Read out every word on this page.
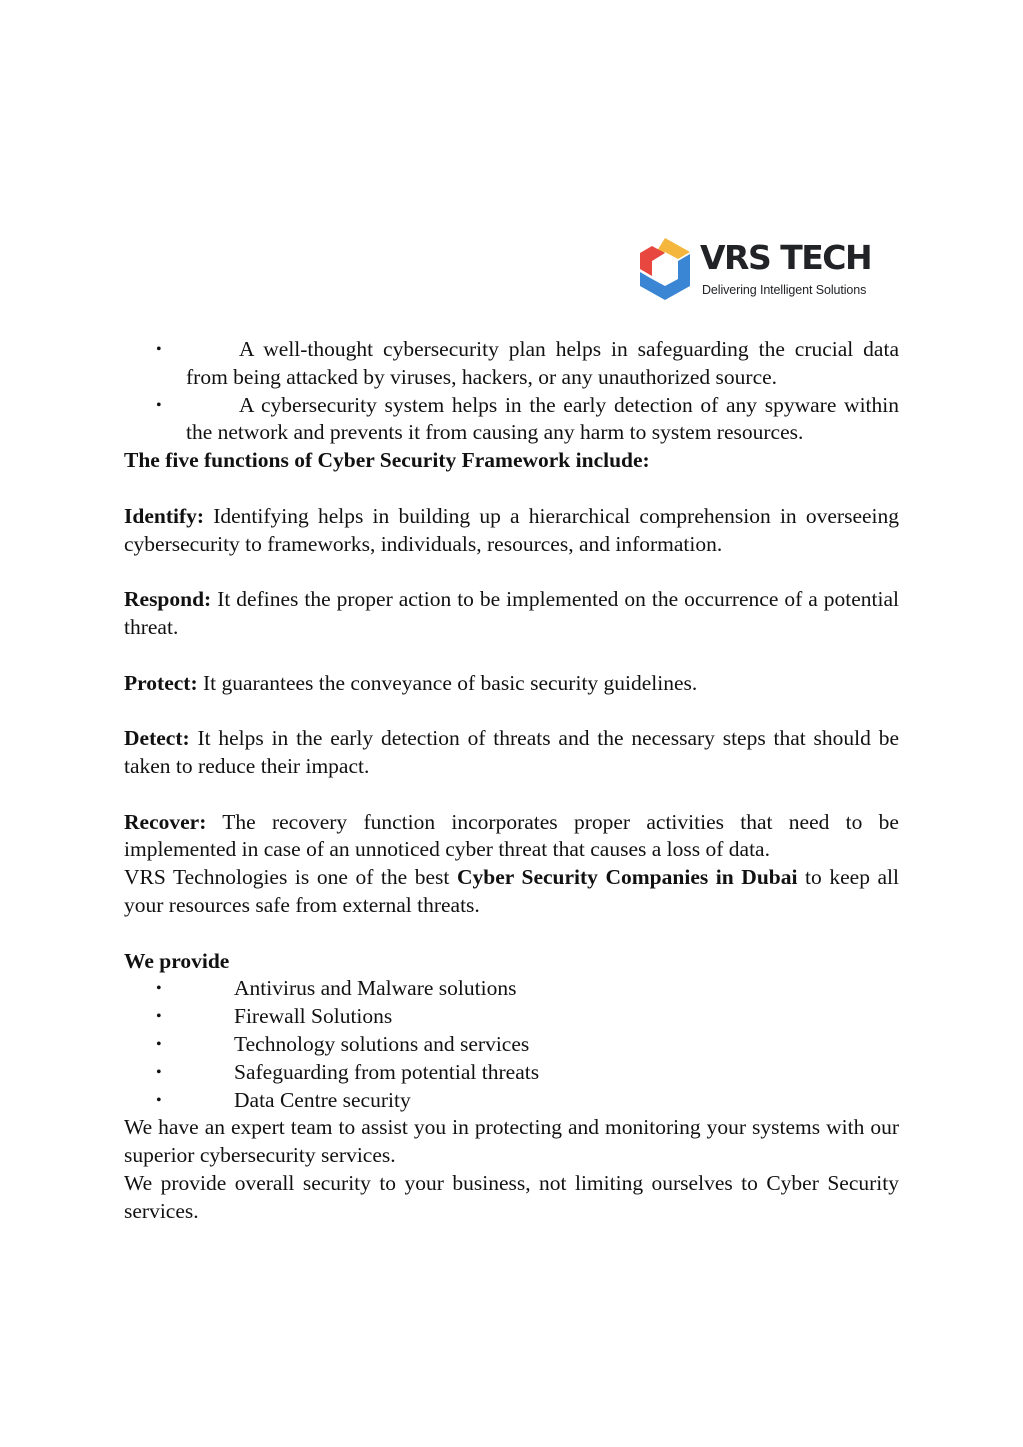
VRS TECH
Delivering Intelligent Solutions
•	A well-thought cybersecurity plan helps in safeguarding the crucial data from being attacked by viruses, hackers, or any unauthorized source.
•	A cybersecurity system helps in the early detection of any spyware within the network and prevents it from causing any harm to system resources.

The five functions of Cyber Security Framework include:

Identify: Identifying helps in building up a hierarchical comprehension in overseeing cybersecurity to frameworks, individuals, resources, and information.

Respond: It defines the proper action to be implemented on the occurrence of a potential threat.

Protect: It guarantees the conveyance of basic security guidelines.

Detect: It helps in the early detection of threats and the necessary steps that should be taken to reduce their impact.

Recover: The recovery function incorporates proper activities that need to be implemented in case of an unnoticed cyber threat that causes a loss of data.

VRS Technologies is one of the best Cyber Security Companies in Dubai to keep all your resources safe from external threats.

We provide

•	Antivirus and Malware solutions
•	Firewall Solutions
•	Technology solutions and services
•	Safeguarding from potential threats
•	Data Centre security

We have an expert team to assist you in protecting and monitoring your systems with our superior cybersecurity services.

We provide overall security to your business, not limiting ourselves to Cyber Security services.
